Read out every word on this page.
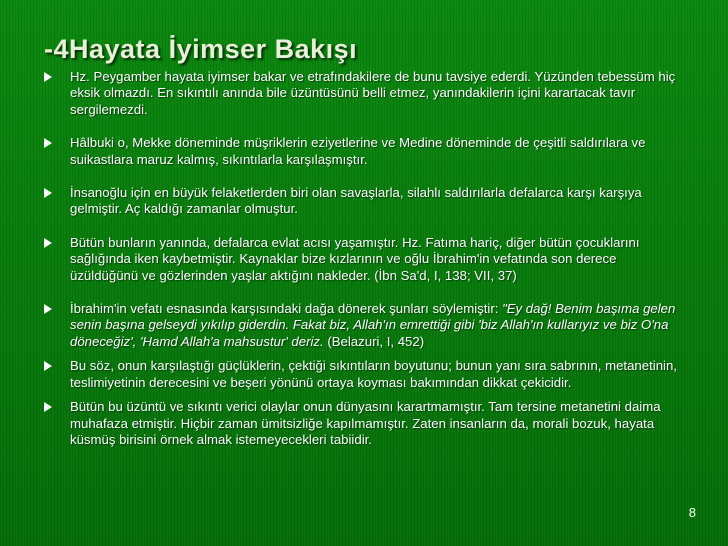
-4Hayata İyimser Bakışı
Hz. Peygamber hayata iyimser bakar ve etrafındakilere de bunu tavsiye ederdi. Yüzünden tebessüm hiç eksik olmazdı. En sıkıntılı anında bile üzüntüsünü belli etmez, yanındakilerin içini karartacak tavır sergilemezdi.
Hâlbuki o, Mekke döneminde müşriklerin eziyetlerine ve Medine döneminde de çeşitli saldırılara ve suikastlara maruz kalmış, sıkıntılarla karşılaşmıştır.
İnsanoğlu için en büyük felaketlerden biri olan savaşlarla, silahlı saldırılarla defalarca karşı karşıya gelmiştir. Aç kaldığı zamanlar olmuştur.
Bütün bunların yanında, defalarca evlat acısı yaşamıştır. Hz. Fatıma hariç, diğer bütün çocuklarını sağlığında iken kaybetmiştir. Kaynaklar bize kızlarının ve oğlu İbrahim'in vefatında son derece üzüldüğünü ve gözlerinden yaşlar aktığını nakleder. (İbn Sa'd, I, 138; VII, 37)
İbrahim'in vefatı esnasında karşısındaki dağa dönerek şunları söylemiştir: "Ey dağ! Benim başıma gelen senin başına gelseydi yıkılıp giderdin. Fakat biz, Allah'ın emrettiği gibi 'biz Allah'ın kullarıyız ve biz O'na döneceğiz', 'Hamd Allah'a mahsustur' deriz. (Belazuri, I, 452)
Bu söz, onun karşılaştığı güçlüklerin, çektiği sıkıntıların boyutunu; bunun yanı sıra sabrının, metanetinin, teslimiyetinin derecesini ve beşeri yönünü ortaya koyması bakımından dikkat çekicidir.
Bütün bu üzüntü ve sıkıntı verici olaylar onun dünyasını karartmamıştır. Tam tersine metanetini daima muhafaza etmiştir. Hiçbir zaman ümitsizliğe kapılmamıştır. Zaten insanların da, morali bozuk, hayata küsmüş birisini örnek almak istemeyecekleri tabiidir.
8
